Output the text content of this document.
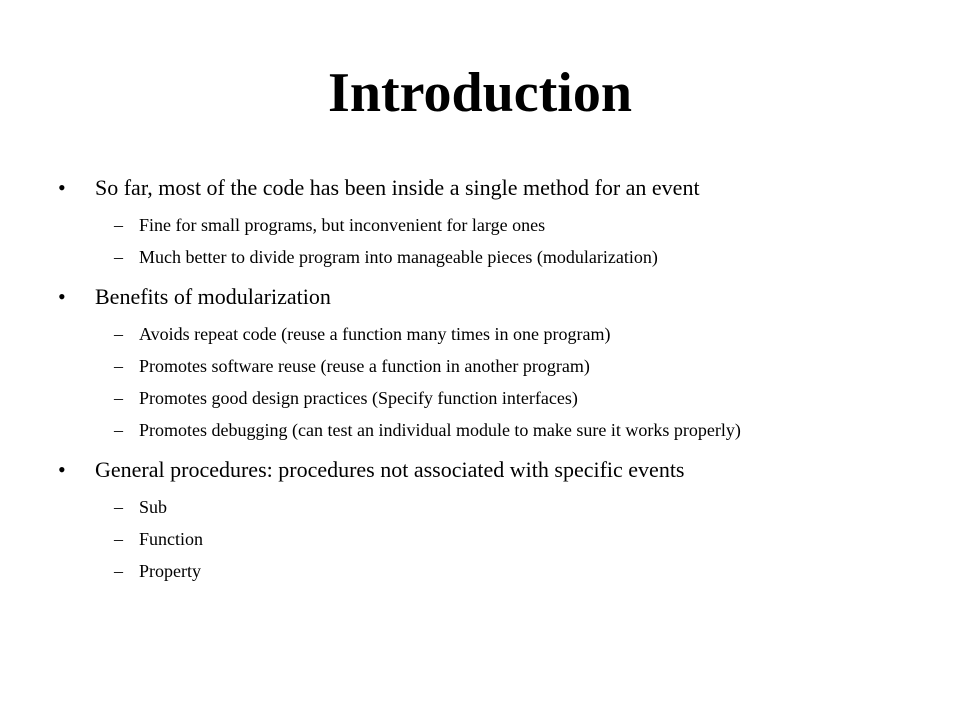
Introduction

•	So far, most of the code has been inside a single method for an event

– Fine for small programs, but inconvenient for large ones

– Much better to divide program into manageable pieces (modularization)

•	Benefits of modularization

– Avoids repeat code (reuse a function many times in one program)

– Promotes software reuse (reuse a function in another program)

– Promotes good design practices (Specify function interfaces)

– Promotes debugging (can test an individual module to make sure it works properly)

•	General procedures: procedures not associated with specific events

– Sub

– Function

– Property
